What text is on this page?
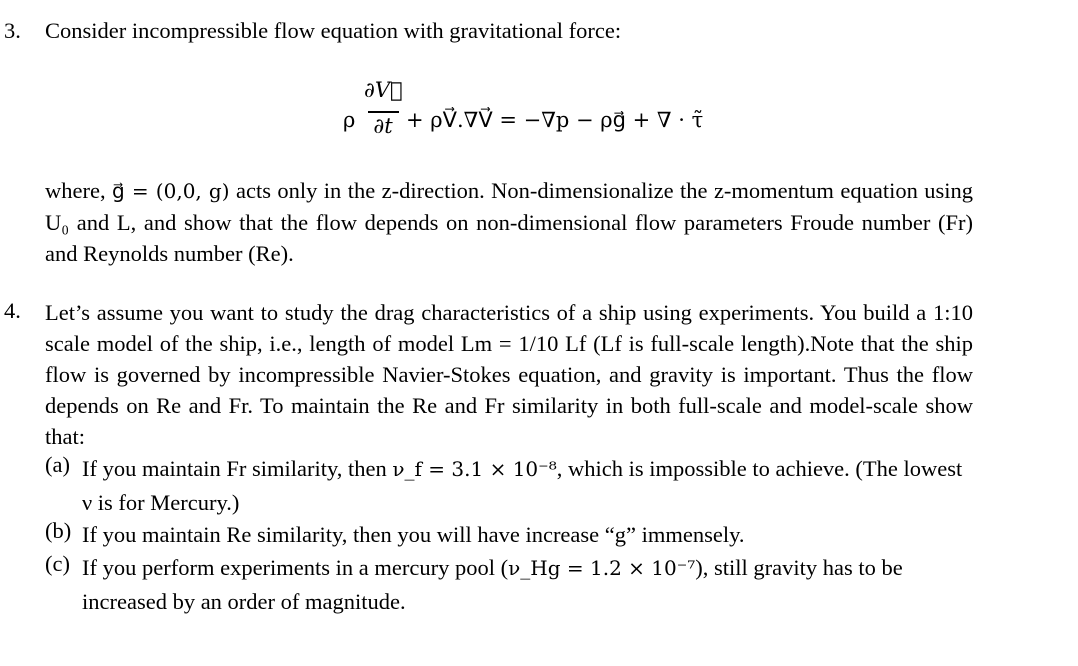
3. Consider incompressible flow equation with gravitational force:
ρ
∂V⃗
∂t + ρV⃗.∇V⃗ = −∇p − ρg⃗ + ∇ · τ̃
where, g⃗ = (0,0, g) acts only in the z-direction. Non-dimensionalize the z-momentum equation using U₀ and L, and show that the flow depends on non-dimensional flow parameters Froude number (Fr) and Reynolds number (Re).
4. Let’s assume you want to study the drag characteristics of a ship using experiments. You build a 1:10 scale model of the ship, i.e., length of model Lm = 1/10 Lf (Lf is full-scale length).Note that the ship flow is governed by incompressible Navier-Stokes equation, and gravity is important. Thus the flow depends on Re and Fr. To maintain the Re and Fr similarity in both full-scale and model-scale show that:
(a) If you maintain Fr similarity, then ν_f = 3.1 × 10⁻⁸, which is impossible to achieve. (The lowest ν is for Mercury.)
(b) If you maintain Re similarity, then you will have increase “g” immensely.
(c) If you perform experiments in a mercury pool (ν_Hg = 1.2 × 10⁻⁷), still gravity has to be increased by an order of magnitude.
